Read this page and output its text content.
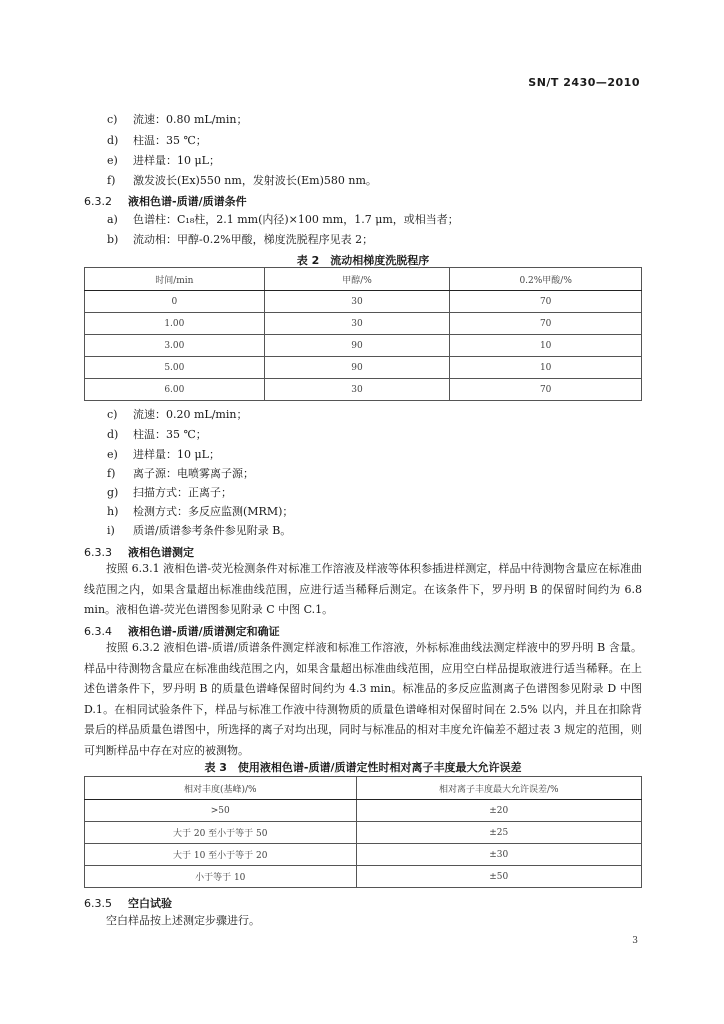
SN/T 2430—2010
c) 流速：0.80 mL/min；
d) 柱温：35 ℃；
e) 进样量：10 μL；
f) 激发波长(Ex)550 nm，发射波长(Em)580 nm。
6.3.2 液相色谱-质谱/质谱条件
a) 色谱柱：C₁₈柱，2.1 mm(内径)×100 mm，1.7 μm，或相当者；
b) 流动相：甲醇-0.2%甲酸，梯度洗脱程序见表 2；
表 2　流动相梯度洗脱程序
时间/min	甲醇/%	0.2%甲酸/%
0	30	70
1.00	30	70
3.00	90	10
5.00	90	10
6.00	30	70
c) 流速：0.20 mL/min；
d) 柱温：35 ℃；
e) 进样量：10 μL；
f) 离子源：电喷雾离子源；
g) 扫描方式：正离子；
h) 检测方式：多反应监测(MRM)；
i) 质谱/质谱参考条件参见附录 B。
6.3.3 液相色谱测定
按照 6.3.1 液相色谱-荧光检测条件对标准工作溶液及样液等体积参插进样测定，样品中待测物含量应在标准曲线范围之内，如果含量超出标准曲线范围，应进行适当稀释后测定。在该条件下，罗丹明 B 的保留时间约为 6.8 min。液相色谱-荧光色谱图参见附录 C 中图 C.1。
6.3.4 液相色谱-质谱/质谱测定和确证
按照 6.3.2 液相色谱-质谱/质谱条件测定样液和标准工作溶液，外标标准曲线法测定样液中的罗丹明 B 含量。样品中待测物含量应在标准曲线范围之内，如果含量超出标准曲线范围，应用空白样品提取液进行适当稀释。在上述色谱条件下，罗丹明 B 的质量色谱峰保留时间约为 4.3 min。标准品的多反应监测离子色谱图参见附录 D 中图 D.1。在相同试验条件下，样品与标准工作液中待测物质的质量色谱峰相对保留时间在 2.5% 以内，并且在扣除背景后的样品质量色谱图中，所选择的离子对均出现，同时与标准品的相对丰度允许偏差不超过表 3 规定的范围，则可判断样品中存在对应的被测物。
表 3　使用液相色谱-质谱/质谱定性时相对离子丰度最大允许误差
相对丰度(基峰)/%	相对离子丰度最大允许误差/%
>50	±20
大于 20 至小于等于 50	±25
大于 10 至小于等于 20	±30
小于等于 10	±50
6.3.5 空白试验
空白样品按上述测定步骤进行。
3
